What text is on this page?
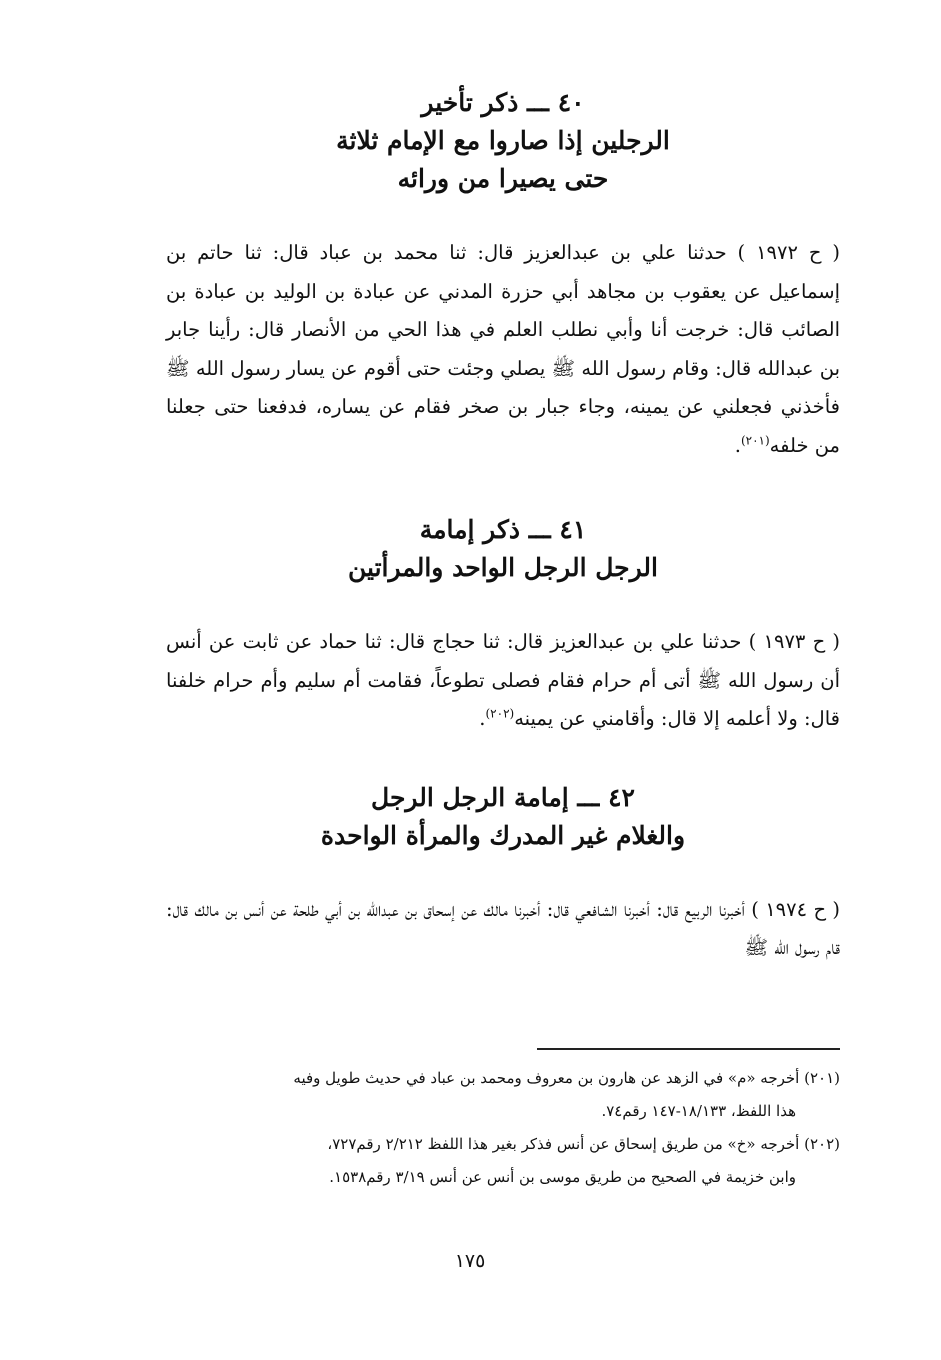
٤٠ ـــ ذكر تأخير
الرجلين إذا صاروا مع الإمام ثلاثة
حتى يصيرا من ورائه

( ح ١٩٧٢ ) حدثنا علي بن عبدالعزيز قال: ثنا محمد بن عباد قال: ثنا حاتم بن إسماعيل عن يعقوب بن مجاهد أبي حزرة المدني عن عبادة بن الوليد بن عبادة بن الصائب قال: خرجت أنا وأبي نطلب العلم في هذا الحي من الأنصار قال: رأينا جابر بن عبدالله قال: وقام رسول الله ﷺ يصلي وجئت حتى أقوم عن يسار رسول الله ﷺ فأخذني فجعلني عن يمينه، وجاء جبار بن صخر فقام عن يساره، فدفعنا حتى جعلنا من خلفه$^{(٢٠١)}$.

٤١ ـــ ذكر إمامة
الرجل الرجل الواحد والمرأتين

( ح ١٩٧٣ ) حدثنا علي بن عبدالعزيز قال: ثنا حجاج قال: ثنا حماد عن ثابت عن أنس أن رسول الله ﷺ أتى أم حرام فقام فصلى تطوعاً، فقامت أم سليم وأم حرام خلفنا قال: ولا أعلمه إلا قال: وأقامني عن يمينه$^{(٢٠٢)}$.

٤٢ ـــ إمامة الرجل الرجل
والغلام غير المدرك والمرأة الواحدة

( ح ١٩٧٤ ) أخبرنا الربيع قال: أخبرنا الشافعي قال: أخبرنا مالك عن إسحاق بن عبدالله بن أبي طلحة عن أنس بن مالك قال: قام رسول الله ﷺ

(٢٠١) أخرجه «م» في الزهد عن هارون بن معروف ومحمد بن عباد في حديث طويل وفيه
هذا اللفظ، ١٨/١٣٣-١٤٧ رقم٧٤.

(٢٠٢) أخرجه «خ» من طريق إسحاق عن أنس فذكر بغير هذا اللفظ ٢/٢١٢ رقم٧٢٧،
وابن خزيمة في الصحيح من طريق موسى بن أنس عن أنس ٣/١٩ رقم١٥٣٨.

١٧٥
